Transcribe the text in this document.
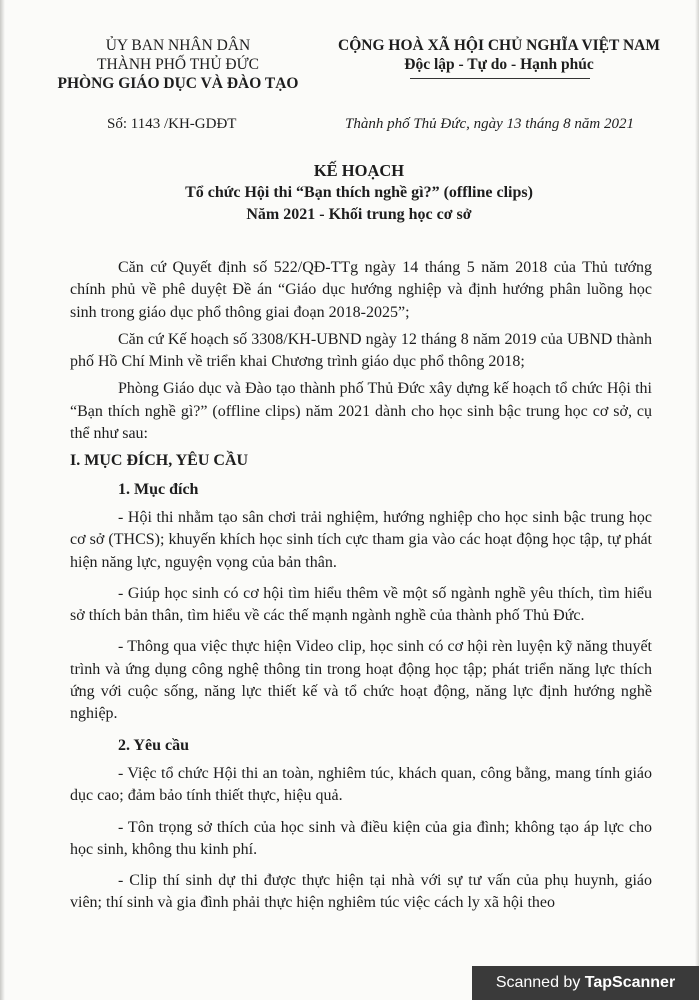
ỦY BAN NHÂN DÂN
THÀNH PHỐ THỦ ĐỨC
PHÒNG GIÁO DỤC VÀ ĐÀO TẠO
CỘNG HOÀ XÃ HỘI CHỦ NGHĨA VIỆT NAM
Độc lập - Tự do - Hạnh phúc
Số: 1143 /KH-GDĐT	Thành phố Thủ Đức, ngày 13 tháng 8 năm 2021
KẾ HOẠCH
Tổ chức Hội thi “Bạn thích nghề gì?” (offline clips)
Năm 2021 - Khối trung học cơ sở

Căn cứ Quyết định số 522/QĐ-TTg ngày 14 tháng 5 năm 2018 của Thủ tướng chính phủ về phê duyệt Đề án “Giáo dục hướng nghiệp và định hướng phân luồng học sinh trong giáo dục phổ thông giai đoạn 2018-2025”;

Căn cứ Kế hoạch số 3308/KH-UBND ngày 12 tháng 8 năm 2019 của UBND thành phố Hồ Chí Minh về triển khai Chương trình giáo dục phổ thông 2018;

Phòng Giáo dục và Đào tạo thành phố Thủ Đức xây dựng kế hoạch tổ chức Hội thi “Bạn thích nghề gì?” (offline clips) năm 2021 dành cho học sinh bậc trung học cơ sở, cụ thể như sau:

I. MỤC ĐÍCH, YÊU CẦU
1. Mục đích

- Hội thi nhằm tạo sân chơi trải nghiệm, hướng nghiệp cho học sinh bậc trung học cơ sở (THCS); khuyến khích học sinh tích cực tham gia vào các hoạt động học tập, tự phát hiện năng lực, nguyện vọng của bản thân.

- Giúp học sinh có cơ hội tìm hiểu thêm về một số ngành nghề yêu thích, tìm hiểu sở thích bản thân, tìm hiểu về các thế mạnh ngành nghề của thành phố Thủ Đức.

- Thông qua việc thực hiện Video clip, học sinh có cơ hội rèn luyện kỹ năng thuyết trình và ứng dụng công nghệ thông tin trong hoạt động học tập; phát triển năng lực thích ứng với cuộc sống, năng lực thiết kế và tổ chức hoạt động, năng lực định hướng nghề nghiệp.

2. Yêu cầu

- Việc tổ chức Hội thi an toàn, nghiêm túc, khách quan, công bằng, mang tính giáo dục cao; đảm bảo tính thiết thực, hiệu quả.

- Tôn trọng sở thích của học sinh và điều kiện của gia đình; không tạo áp lực cho học sinh, không thu kinh phí.

- Clip thí sinh dự thi được thực hiện tại nhà với sự tư vấn của phụ huynh, giáo viên; thí sinh và gia đình phải thực hiện nghiêm túc việc cách ly xã hội theo

Scanned by TapScanner
